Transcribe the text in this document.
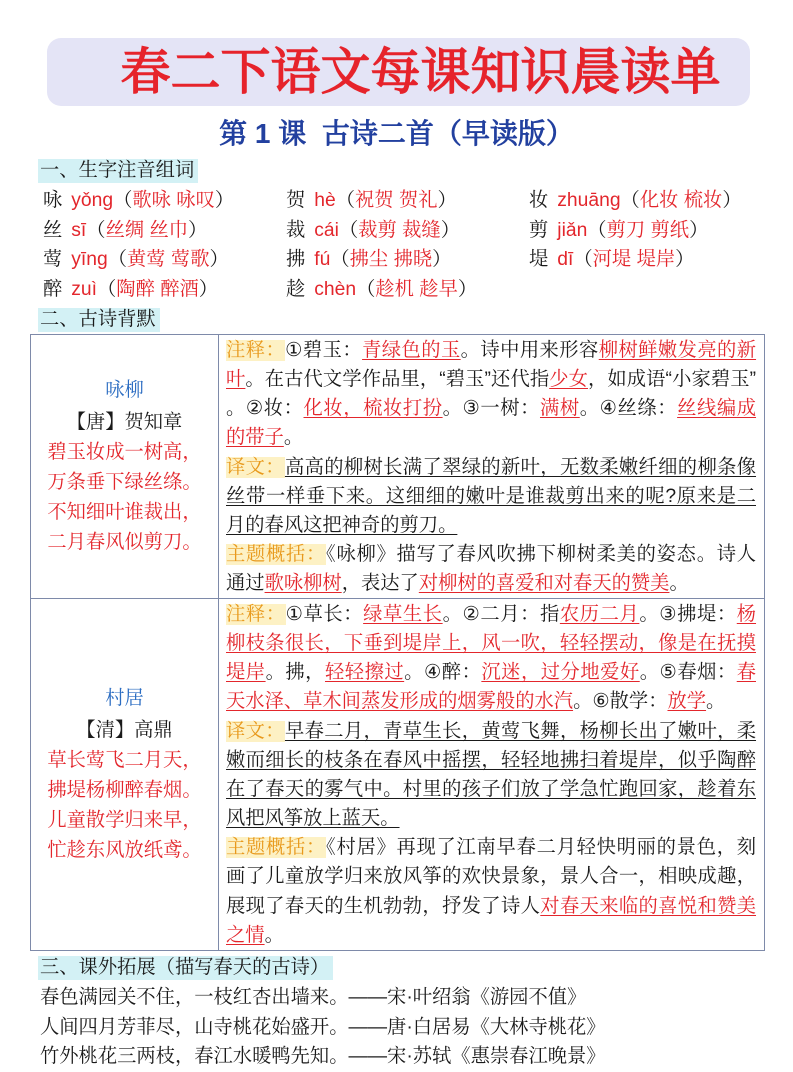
春二下语文每课知识晨读单
第 1 课  古诗二首（早读版）
一、生字注音组词
咏 yǒng（歌咏 咏叹）	贺 hè（祝贺 贺礼）	妆 zhuāng（化妆 梳妆）
丝 sī（丝绸 丝巾）	裁 cái（裁剪 裁缝）	剪 jiǎn（剪刀 剪纸）
莺 yīng（黄莺 莺歌）	拂 fú（拂尘 拂晓）	堤 dī（河堤 堤岸）
醉 zuì（陶醉 醉酒）	趁 chèn（趁机 趁早）
二、古诗背默
咏柳
【唐】贺知章
碧玉妆成一树高，
万条垂下绿丝绦。
不知细叶谁裁出，
二月春风似剪刀。

注释：①碧玉：青绿色的玉。诗中用来形容柳树鲜嫩发亮的新叶。在古代文学作品里，“碧玉”还代指少女，如成语“小家碧玉”。②妆：化妆，梳妆打扮。③一树：满树。④丝绦：丝线编成的带子。

译文：高高的柳树长满了翠绿的新叶，无数柔嫩纤细的柳条像丝带一样垂下来。这细细的嫩叶是谁裁剪出来的呢?原来是二月的春风这把神奇的剪刀。

主题概括：《咏柳》描写了春风吹拂下柳树柔美的姿态。诗人通过歌咏柳树，表达了对柳树的喜爱和对春天的赞美。

村居
【清】高鼎
草长莺飞二月天，
拂堤杨柳醉春烟。
儿童散学归来早，
忙趁东风放纸鸢。

注释：①草长：绿草生长。②二月：指农历二月。③拂堤：杨柳枝条很长，下垂到堤岸上，风一吹，轻轻摆动，像是在抚摸堤岸。拂，轻轻擦过。④醉：沉迷，过分地爱好。⑤春烟：春天水泽、草木间蒸发形成的烟雾般的水汽。⑥散学：放学。

译文：早春二月，青草生长，黄莺飞舞，杨柳长出了嫩叶，柔嫩而细长的枝条在春风中摇摆，轻轻地拂扫着堤岸，似乎陶醉在了春天的雾气中。村里的孩子们放了学急忙跑回家，趁着东风把风筝放上蓝天。

主题概括：《村居》再现了江南早春二月轻快明丽的景色，刻画了儿童放学归来放风筝的欢快景象，景人合一，相映成趣，展现了春天的生机勃勃，抒发了诗人对春天来临的喜悦和赞美之情。

三、课外拓展（描写春天的古诗）
春色满园关不住，一枝红杏出墙来。——宋·叶绍翁《游园不值》
人间四月芳菲尽，山寺桃花始盛开。——唐·白居易《大林寺桃花》
竹外桃花三两枝，春江水暖鸭先知。——宋·苏轼《惠崇春江晚景》
